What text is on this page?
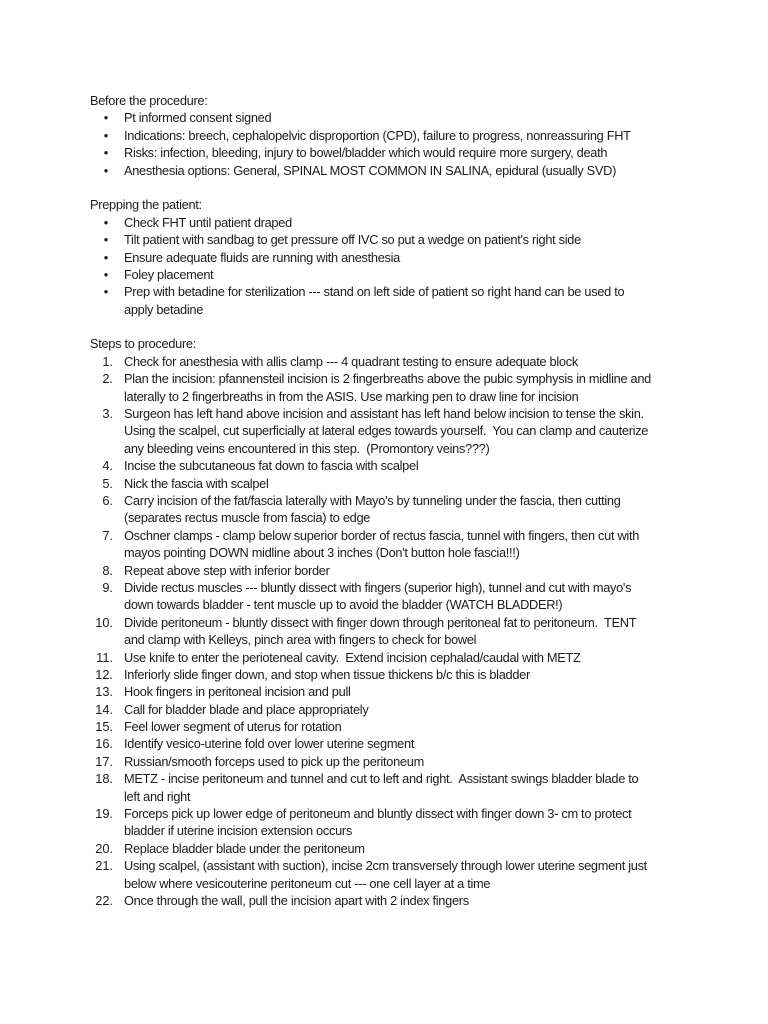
Before the procedure:
• Pt informed consent signed
• Indications: breech, cephalopelvic disproportion (CPD), failure to progress, nonreassuring FHT
• Risks: infection, bleeding, injury to bowel/bladder which would require more surgery, death
• Anesthesia options: General, SPINAL MOST COMMON IN SALINA, epidural (usually SVD)
Prepping the patient:
• Check FHT until patient draped
• Tilt patient with sandbag to get pressure off IVC so put a wedge on patient's right side
• Ensure adequate fluids are running with anesthesia
• Foley placement
• Prep with betadine for sterilization --- stand on left side of patient so right hand can be used to
apply betadine
Steps to procedure:
1. Check for anesthesia with allis clamp --- 4 quadrant testing to ensure adequate block
2. Plan the incision: pfannensteil incision is 2 fingerbreaths above the pubic symphysis in midline and
laterally to 2 fingerbreaths in from the ASIS. Use marking pen to draw line for incision
3. Surgeon has left hand above incision and assistant has left hand below incision to tense the skin.
Using the scalpel, cut superficially at lateral edges towards yourself.  You can clamp and cauterize
any bleeding veins encountered in this step.  (Promontory veins???)
4. Incise the subcutaneous fat down to fascia with scalpel
5. Nick the fascia with scalpel
6. Carry incision of the fat/fascia laterally with Mayo's by tunneling under the fascia, then cutting
(separates rectus muscle from fascia) to edge
7. Oschner clamps - clamp below superior border of rectus fascia, tunnel with fingers, then cut with
mayos pointing DOWN midline about 3 inches (Don't button hole fascia!!!)
8. Repeat above step with inferior border
9. Divide rectus muscles --- bluntly dissect with fingers (superior high), tunnel and cut with mayo's
down towards bladder - tent muscle up to avoid the bladder (WATCH BLADDER!)
10. Divide peritoneum - bluntly dissect with finger down through peritoneal fat to peritoneum.  TENT
and clamp with Kelleys, pinch area with fingers to check for bowel
11. Use knife to enter the perioteneal cavity.  Extend incision cephalad/caudal with METZ
12. Inferiorly slide finger down, and stop when tissue thickens b/c this is bladder
13. Hook fingers in peritoneal incision and pull
14. Call for bladder blade and place appropriately
15. Feel lower segment of uterus for rotation
16. Identify vesico-uterine fold over lower uterine segment
17. Russian/smooth forceps used to pick up the peritoneum
18. METZ - incise peritoneum and tunnel and cut to left and right.  Assistant swings bladder blade to
left and right
19. Forceps pick up lower edge of peritoneum and bluntly dissect with finger down 3- cm to protect
bladder if uterine incision extension occurs
20. Replace bladder blade under the peritoneum
21. Using scalpel, (assistant with suction), incise 2cm transversely through lower uterine segment just
below where vesicouterine peritoneum cut --- one cell layer at a time
22. Once through the wall, pull the incision apart with 2 index fingers
